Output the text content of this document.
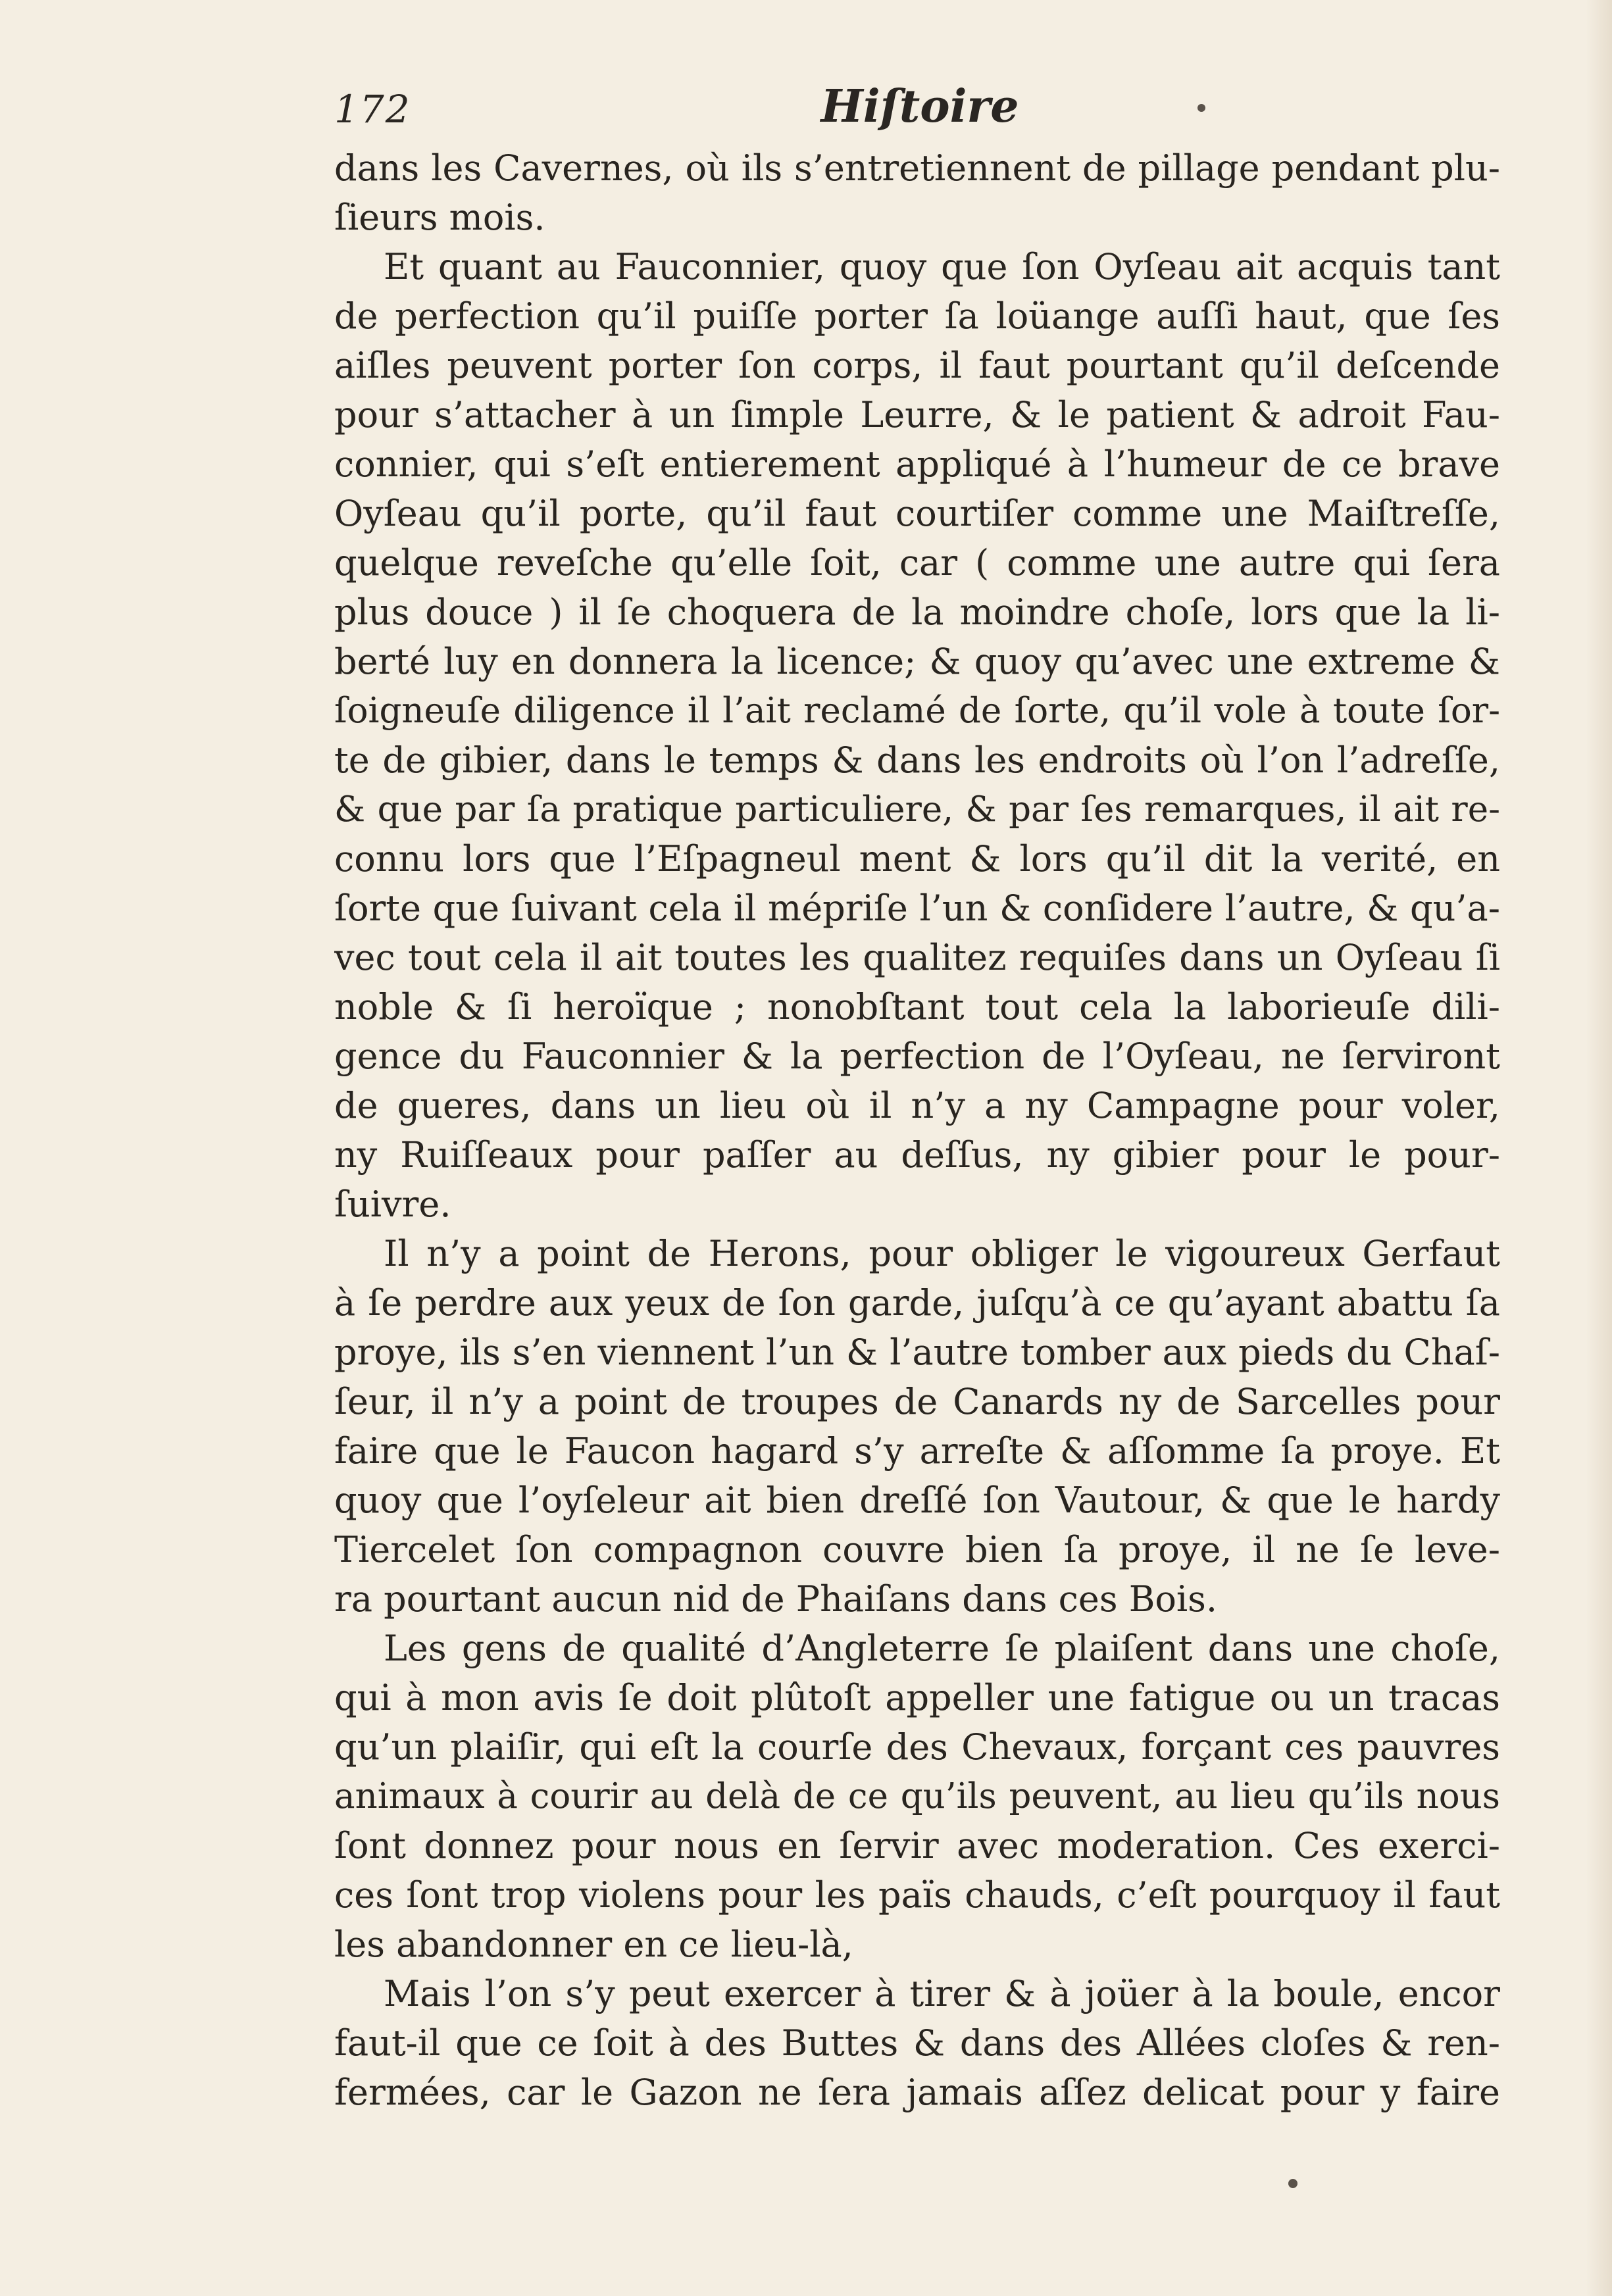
172	Hiſtoire
dans les Cavernes, où ils s’entretiennent de pillage pendant plu-
ſieurs mois.
Et quant au Fauconnier, quoy que ſon Oyſeau ait acquis tant
de perfection qu’il puiſſe porter ſa loüange auſſi haut, que ſes
aiſles peuvent porter ſon corps, il faut pourtant qu’il deſcende
pour s’attacher à un ſimple Leurre, & le patient & adroit Fau-
connier, qui s’eſt entierement appliqué à l’humeur de ce brave
Oyſeau qu’il porte, qu’il faut courtiſer comme une Maiſtreſſe,
quelque reveſche qu’elle ſoit, car ( comme une autre qui ſera
plus douce ) il ſe choquera de la moindre choſe, lors que la li-
berté luy en donnera la licence; & quoy qu’avec une extreme &
ſoigneuſe diligence il l’ait reclamé de ſorte, qu’il vole à toute ſor-
te de gibier, dans le temps & dans les endroits où l’on l’adreſſe,
& que par ſa pratique particuliere, & par ſes remarques, il ait re-
connu lors que l’Eſpagneul ment & lors qu’il dit la verité, en
ſorte que ſuivant cela il mépriſe l’un & conſidere l’autre, & qu’a-
vec tout cela il ait toutes les qualitez requiſes dans un Oyſeau ſi
noble & ſi heroïque ; nonobſtant tout cela la laborieuſe dili-
gence du Fauconnier & la perfection de l’Oyſeau, ne ſerviront
de gueres, dans un lieu où il n’y a ny Campagne pour voler,
ny Ruiſſeaux pour paſſer au deſſus, ny gibier pour le pour-
ſuivre.
Il n’y a point de Herons, pour obliger le vigoureux Gerfaut
à ſe perdre aux yeux de ſon garde, juſqu’à ce qu’ayant abattu ſa
proye, ils s’en viennent l’un & l’autre tomber aux pieds du Chaſ-
ſeur, il n’y a point de troupes de Canards ny de Sarcelles pour
faire que le Faucon hagard s’y arreſte & aſſomme ſa proye. Et
quoy que l’oyſeleur ait bien dreſſé ſon Vautour, & que le hardy
Tiercelet ſon compagnon couvre bien ſa proye, il ne ſe leve-
ra pourtant aucun nid de Phaiſans dans ces Bois.
Les gens de qualité d’Angleterre ſe plaiſent dans une choſe,
qui à mon avis ſe doit plûtoſt appeller une fatigue ou un tracas
qu’un plaiſir, qui eſt la courſe des Chevaux, forçant ces pauvres
animaux à courir au delà de ce qu’ils peuvent, au lieu qu’ils nous
ſont donnez pour nous en ſervir avec moderation. Ces exerci-
ces ſont trop violens pour les païs chauds, c’eſt pourquoy il faut
les abandonner en ce lieu-là,
Mais l’on s’y peut exercer à tirer & à joüer à la boule, encor
faut-il que ce ſoit à des Buttes & dans des Allées cloſes & ren-
fermées, car le Gazon ne ſera jamais aſſez delicat pour y faire
